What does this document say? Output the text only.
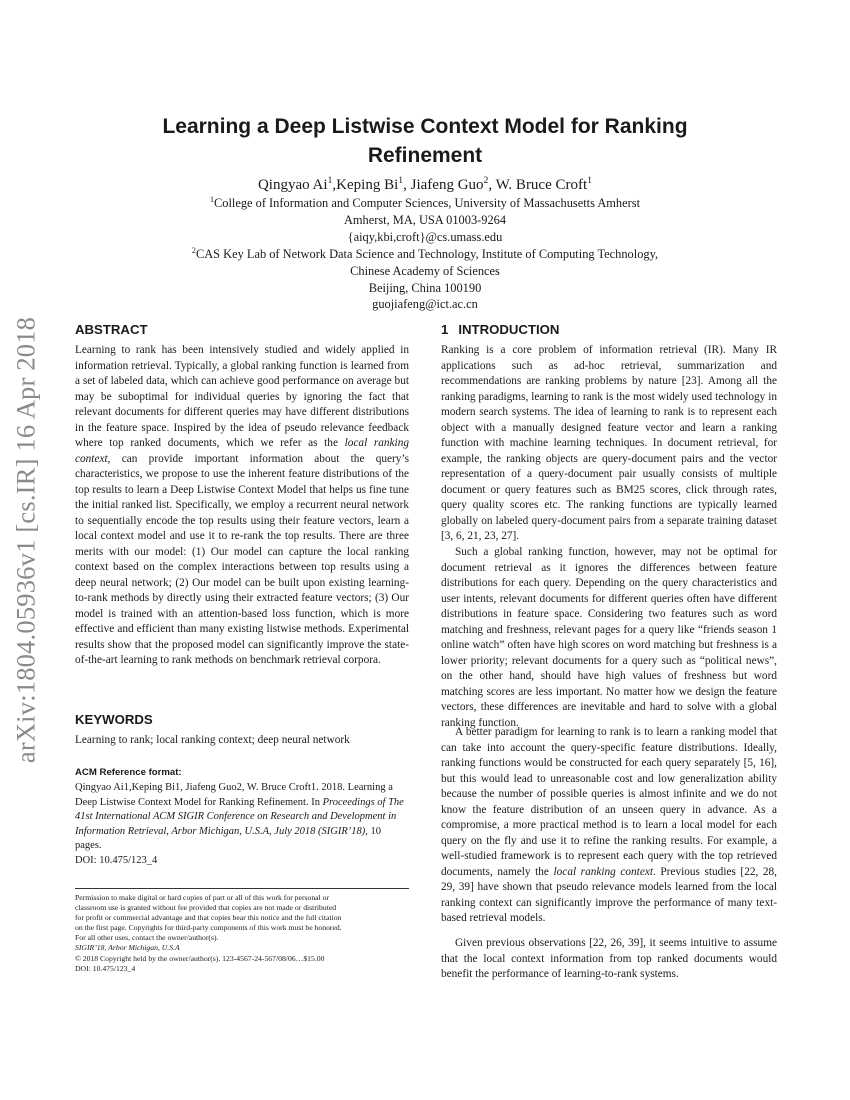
arXiv:1804.05936v1 [cs.IR] 16 Apr 2018
Learning a Deep Listwise Context Model for Ranking
Refinement
Qingyao Ai$^1$,Keping Bi$^1$, Jiafeng Guo$^2$, W. Bruce Croft$^1$
$^1$College of Information and Computer Sciences, University of Massachusetts Amherst
Amherst, MA, USA 01003-9264
{aiqy,kbi,croft}@cs.umass.edu
$^2$CAS Key Lab of Network Data Science and Technology, Institute of Computing Technology,
Chinese Academy of Sciences
Beijing, China 100190
guojiafeng@ict.ac.cn
ABSTRACT

Learning to rank has been intensively studied and widely applied in information retrieval. Typically, a global ranking function is learned from a set of labeled data, which can achieve good performance on average but may be suboptimal for individual queries by ignoring the fact that relevant documents for different queries may have different distributions in the feature space. Inspired by the idea of pseudo relevance feedback where top ranked documents, which we refer as the local ranking context, can provide important information about the query’s characteristics, we propose to use the inherent feature distributions of the top results to learn a Deep Listwise Context Model that helps us fine tune the initial ranked list. Specifically, we employ a recurrent neural network to sequentially encode the top results using their feature vectors, learn a local context model and use it to re-rank the top results. There are three merits with our model: (1) Our model can capture the local ranking context based on the complex interactions between top results using a deep neural network; (2) Our model can be built upon existing learning-to-rank methods by directly using their extracted feature vectors; (3) Our model is trained with an attention-based loss function, which is more effective and efficient than many existing listwise methods. Experimental results show that the proposed model can significantly improve the state-of-the-art learning to rank methods on benchmark retrieval corpora.

KEYWORDS

Learning to rank; local ranking context; deep neural network

ACM Reference format:

Qingyao Ai1,Keping Bi1, Jiafeng Guo2, W. Bruce Croft1. 2018. Learning a Deep Listwise Context Model for Ranking Refinement. In Proceedings of The 41st International ACM SIGIR Conference on Research and Development in Information Retrieval, Arbor Michigan, U.S.A, July 2018 (SIGIR’18), 10 pages.
DOI: 10.475/123_4

Permission to make digital or hard copies of part or all of this work for personal or
classroom use is granted without fee provided that copies are not made or distributed
for profit or commercial advantage and that copies bear this notice and the full citation
on the first page. Copyrights for third-party components of this work must be honored.
For all other uses, contact the owner/author(s).
SIGIR’18, Arbor Michigan, U.S.A
© 2018 Copyright held by the owner/author(s). 123-4567-24-567/08/06…$15.00
DOI: 10.475/123_4
1 INTRODUCTION

Ranking is a core problem of information retrieval (IR). Many IR applications such as ad-hoc retrieval, summarization and recommendations are ranking problems by nature [23]. Among all the ranking paradigms, learning to rank is the most widely used technology in modern search systems. The idea of learning to rank is to represent each object with a manually designed feature vector and learn a ranking function with machine learning techniques. In document retrieval, for example, the ranking objects are query-document pairs and the vector representation of a query-document pair usually consists of multiple document or query features such as BM25 scores, click through rates, query quality scores etc. The ranking functions are typically learned globally on labeled query-document pairs from a separate training dataset [3, 6, 21, 23, 27].

Such a global ranking function, however, may not be optimal for document retrieval as it ignores the differences between feature distributions for each query. Depending on the query characteristics and user intents, relevant documents for different queries often have different distributions in feature space. Considering two features such as word matching and freshness, relevant pages for a query like “friends season 1 online watch” often have high scores on word matching but freshness is a lower priority; relevant documents for a query such as “political news”, on the other hand, should have high values of freshness but word matching scores are less important. No matter how we design the feature vectors, these differences are inevitable and hard to solve with a global ranking function.

A better paradigm for learning to rank is to learn a ranking model that can take into account the query-specific feature distributions. Ideally, ranking functions would be constructed for each query separately [5, 16], but this would lead to unreasonable cost and low generalization ability because the number of possible queries is almost infinite and we do not know the feature distribution of an unseen query in advance. As a compromise, a more practical method is to learn a local model for each query on the fly and use it to refine the ranking results. For example, a well-studied framework is to represent each query with the top retrieved documents, namely the local ranking context. Previous studies [22, 28, 29, 39] have shown that pseudo relevance models learned from the local ranking context can significantly improve the performance of many text-based retrieval models.

Given previous observations [22, 26, 39], it seems intuitive to assume that the local context information from top ranked documents would benefit the performance of learning-to-rank systems.
